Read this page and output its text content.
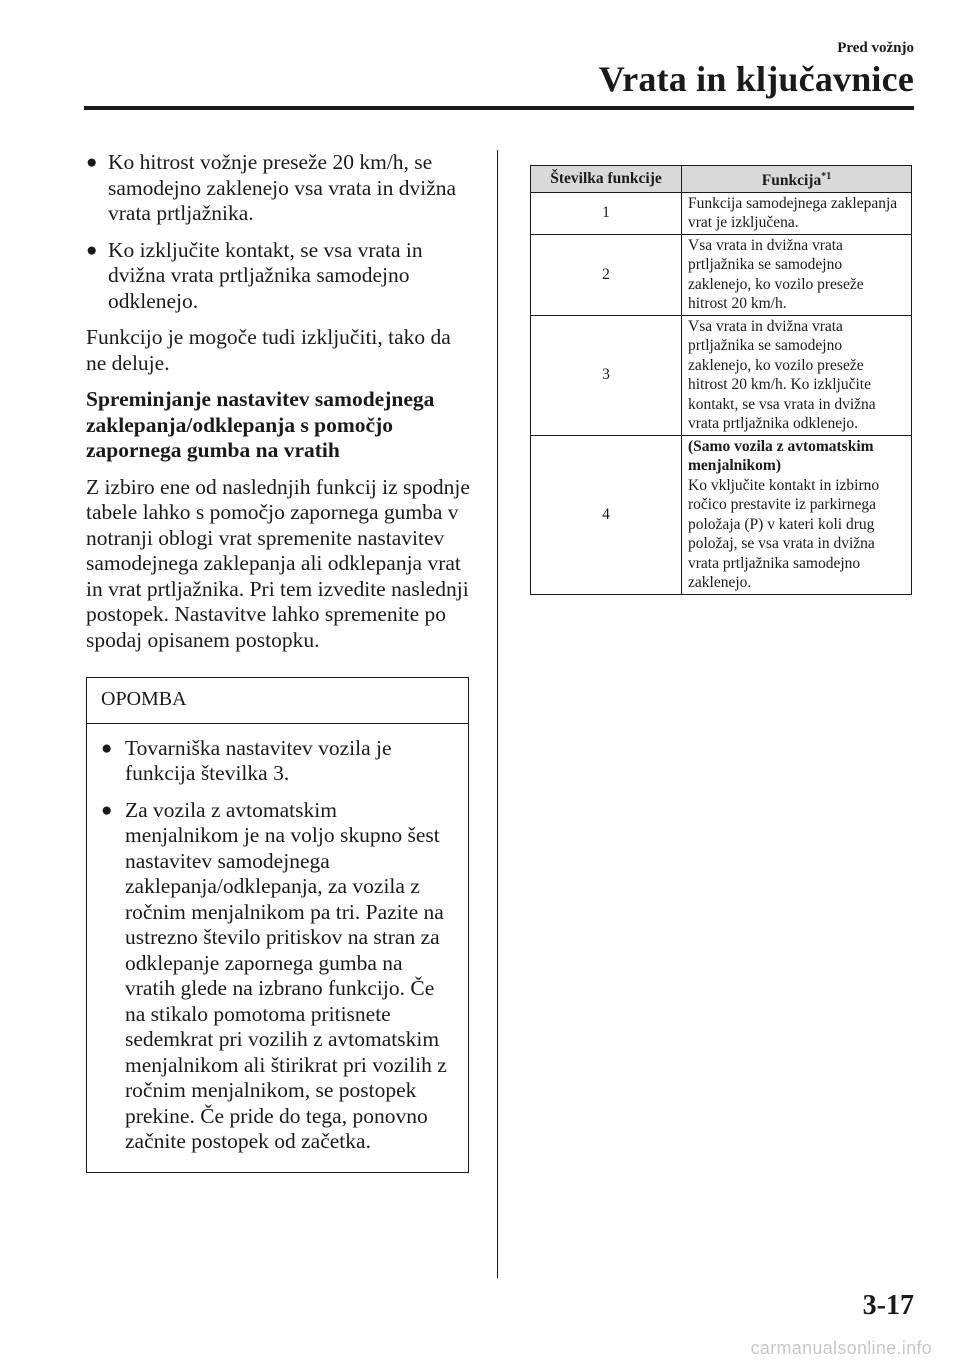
Pred vožnjo
Vrata in ključavnice
● Ko hitrost vožnje preseže 20 km/h, se samodejno zaklenejo vsa vrata in dvižna vrata prtljažnika.
● Ko izključite kontakt, se vsa vrata in dvižna vrata prtljažnika samodejno odklenejo.

Funkcijo je mogoče tudi izključiti, tako da ne deluje.

Spreminjanje nastavitev samodejnega zaklepanja/odklepanja s pomočjo zapornega gumba na vratih

Z izbiro ene od naslednjih funkcij iz spodnje tabele lahko s pomočjo zapornega gumba v notranji oblogi vrat spremenite nastavitev samodejnega zaklepanja ali odklepanja vrat in vrat prtljažnika. Pri tem izvedite naslednji postopek. Nastavitve lahko spremenite po spodaj opisanem postopku.

OPOMBA
● Tovarniška nastavitev vozila je funkcija številka 3.
● Za vozila z avtomatskim menjalnikom je na voljo skupno šest nastavitev samodejnega zaklepanja/odklepanja, za vozila z ročnim menjalnikom pa tri. Pazite na ustrezno število pritiskov na stran za odklepanje zapornega gumba na vratih glede na izbrano funkcijo. Če na stikalo pomotoma pritisnete sedemkrat pri vozilih z avtomatskim menjalnikom ali štirikrat pri vozilih z ročnim menjalnikom, se postopek prekine. Če pride do tega, ponovno začnite postopek od začetka.
Številka funkcije	Funkcija$^{*1}$
1	Funkcija samodejnega zaklepanja vrat je izključena.
2	Vsa vrata in dvižna vrata prtljažnika se samodejno zaklenejo, ko vozilo preseže hitrost 20 km/h.
3	Vsa vrata in dvižna vrata prtljažnika se samodejno zaklenejo, ko vozilo preseže hitrost 20 km/h. Ko izključite kontakt, se vsa vrata in dvižna vrata prtljažnika odklenejo.
4	(Samo vozila z avtomatskim menjalnikom)
Ko vključite kontakt in izbirno ročico prestavite iz parkirnega položaja (P) v kateri koli drug položaj, se vsa vrata in dvižna vrata prtljažnika samodejno zaklenejo.
3-17
carmanualsonline.info
